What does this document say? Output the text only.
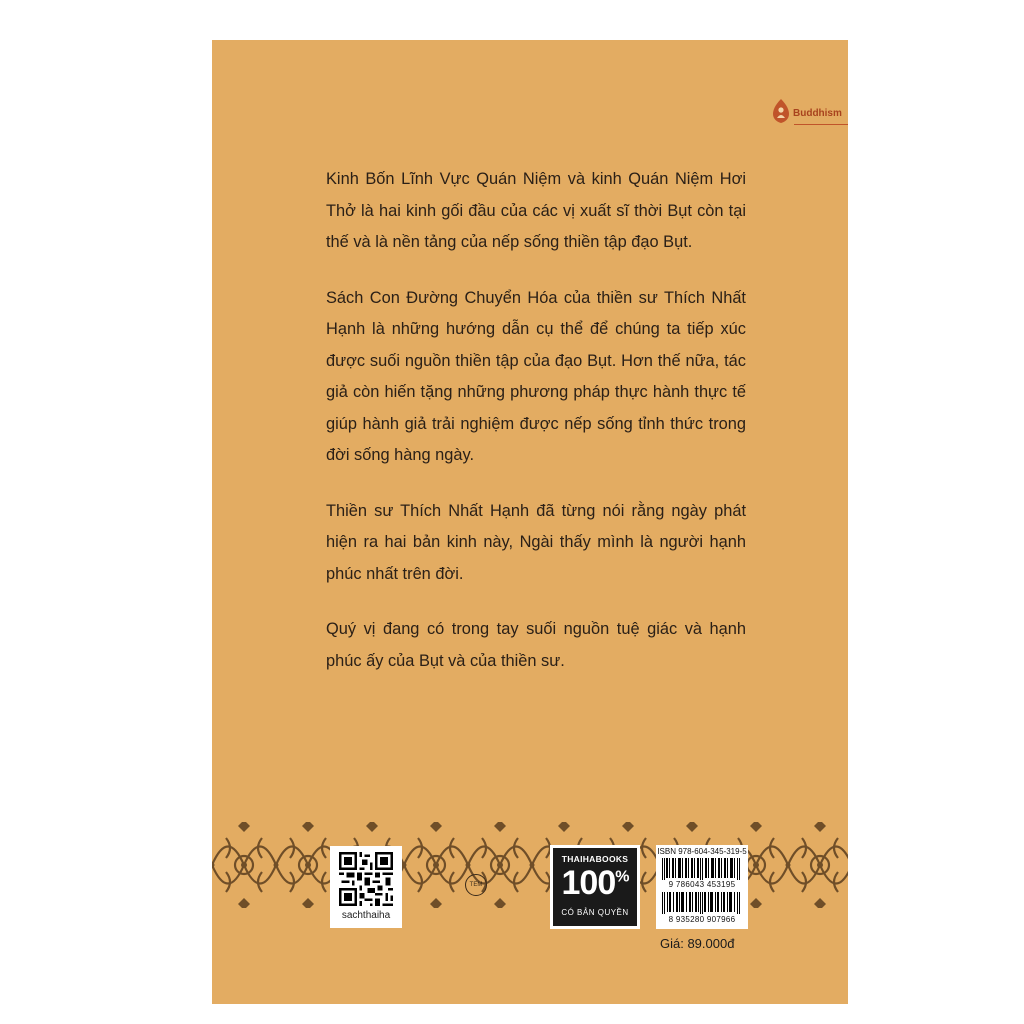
Buddhism

Kinh Bốn Lĩnh Vực Quán Niệm và kinh Quán Niệm Hơi Thở là hai kinh gối đầu của các vị xuất sĩ thời Bụt còn tại thế và là nền tảng của nếp sống thiền tập đạo Bụt.

Sách Con Đường Chuyển Hóa của thiền sư Thích Nhất Hạnh là những hướng dẫn cụ thể để chúng ta tiếp xúc được suối nguồn thiền tập của đạo Bụt. Hơn thế nữa, tác giả còn hiến tặng những phương pháp thực hành thực tế giúp hành giả trải nghiệm được nếp sống tỉnh thức trong đời sống hàng ngày.

Thiền sư Thích Nhất Hạnh đã từng nói rằng ngày phát hiện ra hai bản kinh này, Ngài thấy mình là người hạnh phúc nhất trên đời.

Quý vị đang có trong tay suối nguồn tuệ giác và hạnh phúc ấy của Bụt và của thiền sư.

sachthaiha
TEM
THAIHABOOKS
100%
CÓ BẢN QUYỀN
ISBN 978-604-345-319-5
9 786043 453195
8 935280 907966
Giá: 89.000đ
